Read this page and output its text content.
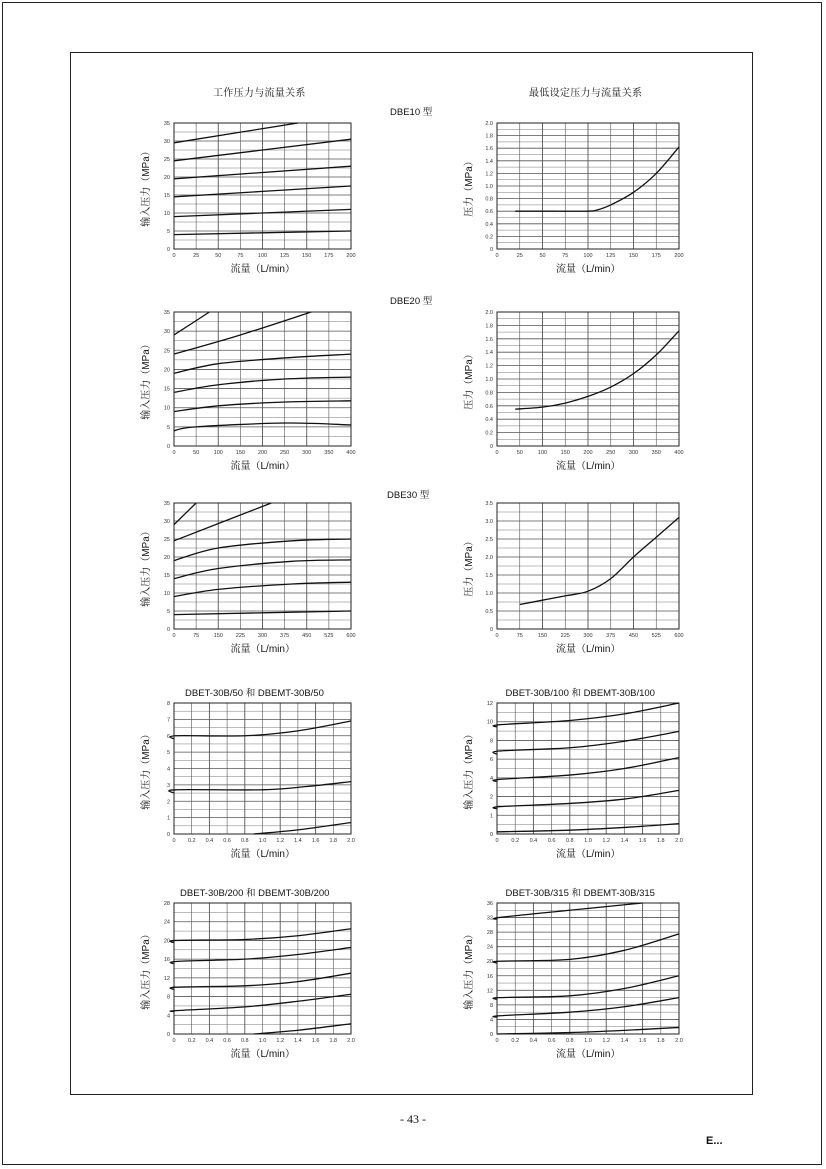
工作压力与流量关系	最低设定压力与流量关系
DBE10 型
DBE20 型
DBE30 型
0	25	50	75	100 125 150 175 200
0
5
10
15
20
25
30
35
输入压力（MPa）
流量（L/min）
0	25	50	75	100 125 150 175 200
0
0.2
0.4
0.6
0.8
1.0
1.2
1.4
1.6
1.8
2.0
压力（MPa）
流量（L/min）
0	50	100 150 200 250 300 350 400
0
5
10
15
20
25
30
35
输入压力（MPa）
流量（L/min）
0	50	100 150 200 250 300 350 400
0
0.2
0.4
0.6
0.8
1.0
1.2
1.4
1.6
1.8
2.0
压力（MPa）
流量（L/min）
0	75	150 225 300 375 450 525 600
0
5
10
15
20
25
30
35
输入压力（MPa）
流量（L/min）
0	75	150 225 300 375 450 525 600
0
0.5
1.0
1.5
2.0
2.5
3.0
3.5
压力（MPa）
流量（L/min）
0 0.2 0.4 0.6 0.8 1.0 1.2 1.4 1.6 1.8 2.0
0
1
2
3
4
5
6
7
8
输入压力（MPa）
流量（L/min）
DBET-30B/50 和 DBEMT-30B/50
0 0.2 0.4 0.6 0.8 1.0 1.2 1.4 1.6 1.8 2.0
0
1
2
4
6
8
10
12
输入压力（MPa）
流量（L/min）
DBET-30B/100 和 DBEMT-30B/100
0 0.2 0.4 0.6 0.8 1.0 1.2 1.4 1.6 1.8 2.0
0
4
8
12
16
20
24
28
输入压力（MPa）
流量（L/min）
DBET-30B/200 和 DBEMT-30B/200
0 0.2 0.4 0.6 0.8 1.0 1.2 1.4 1.6 1.8 2.0
0
4
8
12
16
20
24
28
32
36
输入压力（MPa）
流量（L/min）
DBET-30B/315 和 DBEMT-30B/315
- 43 -
E...
